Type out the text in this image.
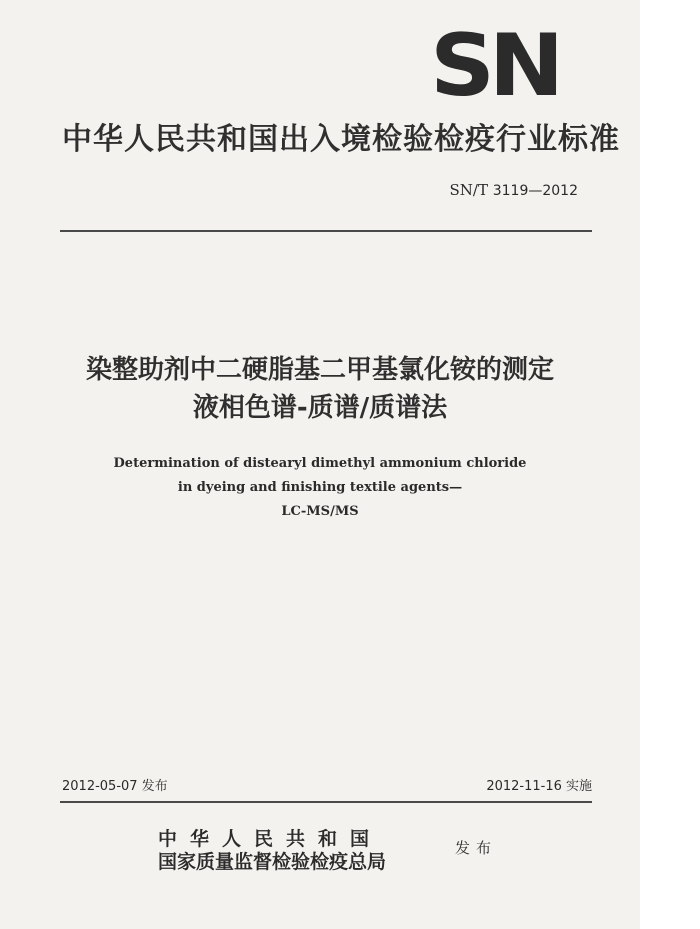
SN
中华人民共和国出入境检验检疫行业标准
SN/T 3119—2012
染整助剂中二硬脂基二甲基氯化铵的测定
液相色谱-质谱/质谱法
Determination of distearyl dimethyl ammonium chloride
in dyeing and finishing textile agents—
LC-MS/MS
2012-05-07 发布	2012-11-16 实施
中华人民共和国
国家质量监督检验检疫总局
发布
